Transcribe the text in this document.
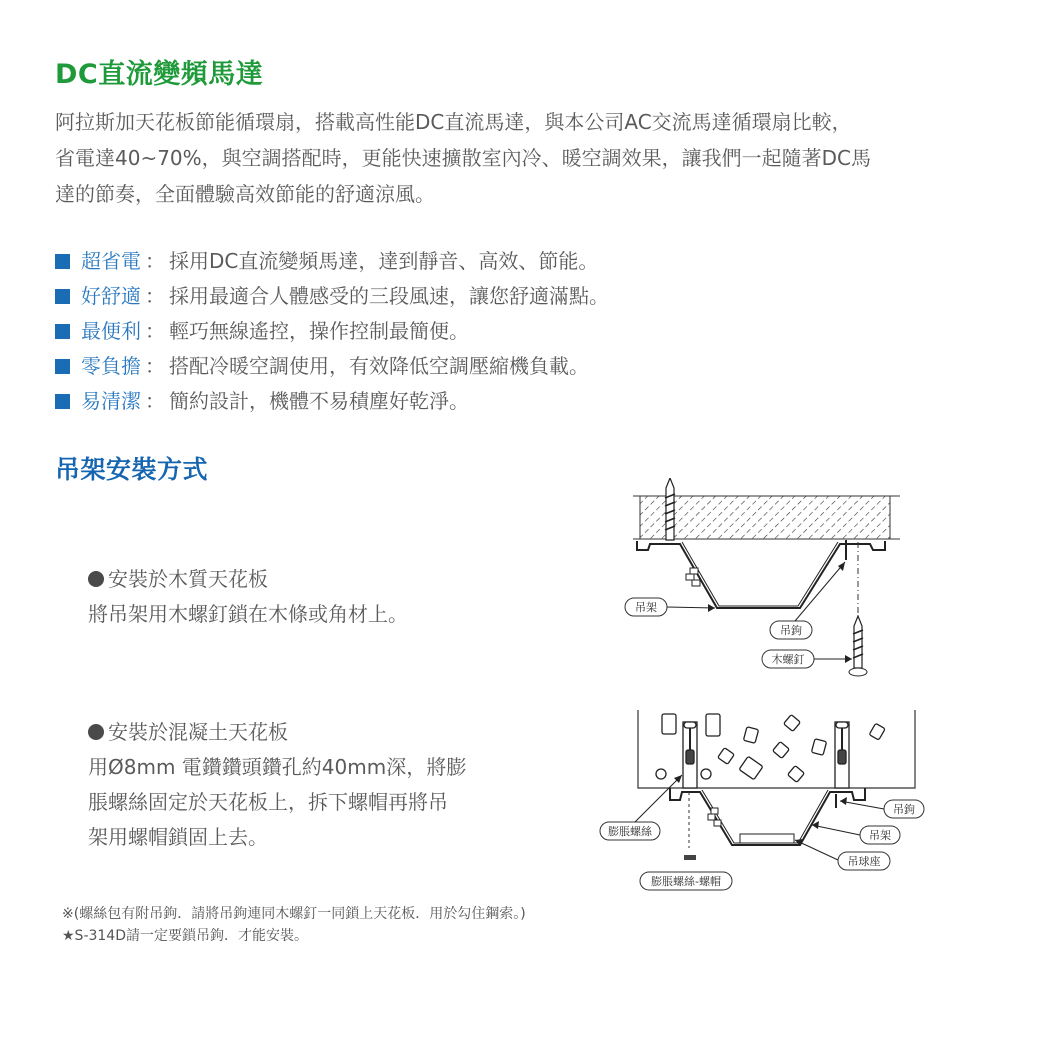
DC直流變頻馬達

阿拉斯加天花板節能循環扇，搭載高性能DC直流馬達，與本公司AC交流馬達循環扇比較，

省電達40~70%，與空調搭配時，更能快速擴散室內冷、暖空調效果，讓我們一起隨著DC馬

達的節奏，全面體驗高效節能的舒適涼風。

超省電 ： 採用DC直流變頻馬達，達到靜音、高效、節能。
好舒適 ： 採用最適合人體感受的三段風速，讓您舒適滿點。
最便利 ： 輕巧無線遙控，操作控制最簡便。
零負擔 ： 搭配冷暖空調使用，有效降低空調壓縮機負載。
易清潔 ： 簡約設計，機體不易積塵好乾淨。
吊架安裝方式

安裝於木質天花板

將吊架用木螺釘鎖在木條或角材上。

安裝於混凝土天花板

用Ø8mm 電鑽鑽頭鑽孔約40mm深，將膨

脹螺絲固定於天花板上，拆下螺帽再將吊

架用螺帽鎖固上去。

吊架
吊鉤
木螺釘
膨脹螺絲
膨脹螺絲-螺帽
吊鉤
吊架
吊球座

※(螺絲包有附吊鉤．請將吊鉤連同木螺釘一同鎖上天花板．用於勾住鋼索。)

★S-314D請一定要鎖吊鉤．才能安裝。
